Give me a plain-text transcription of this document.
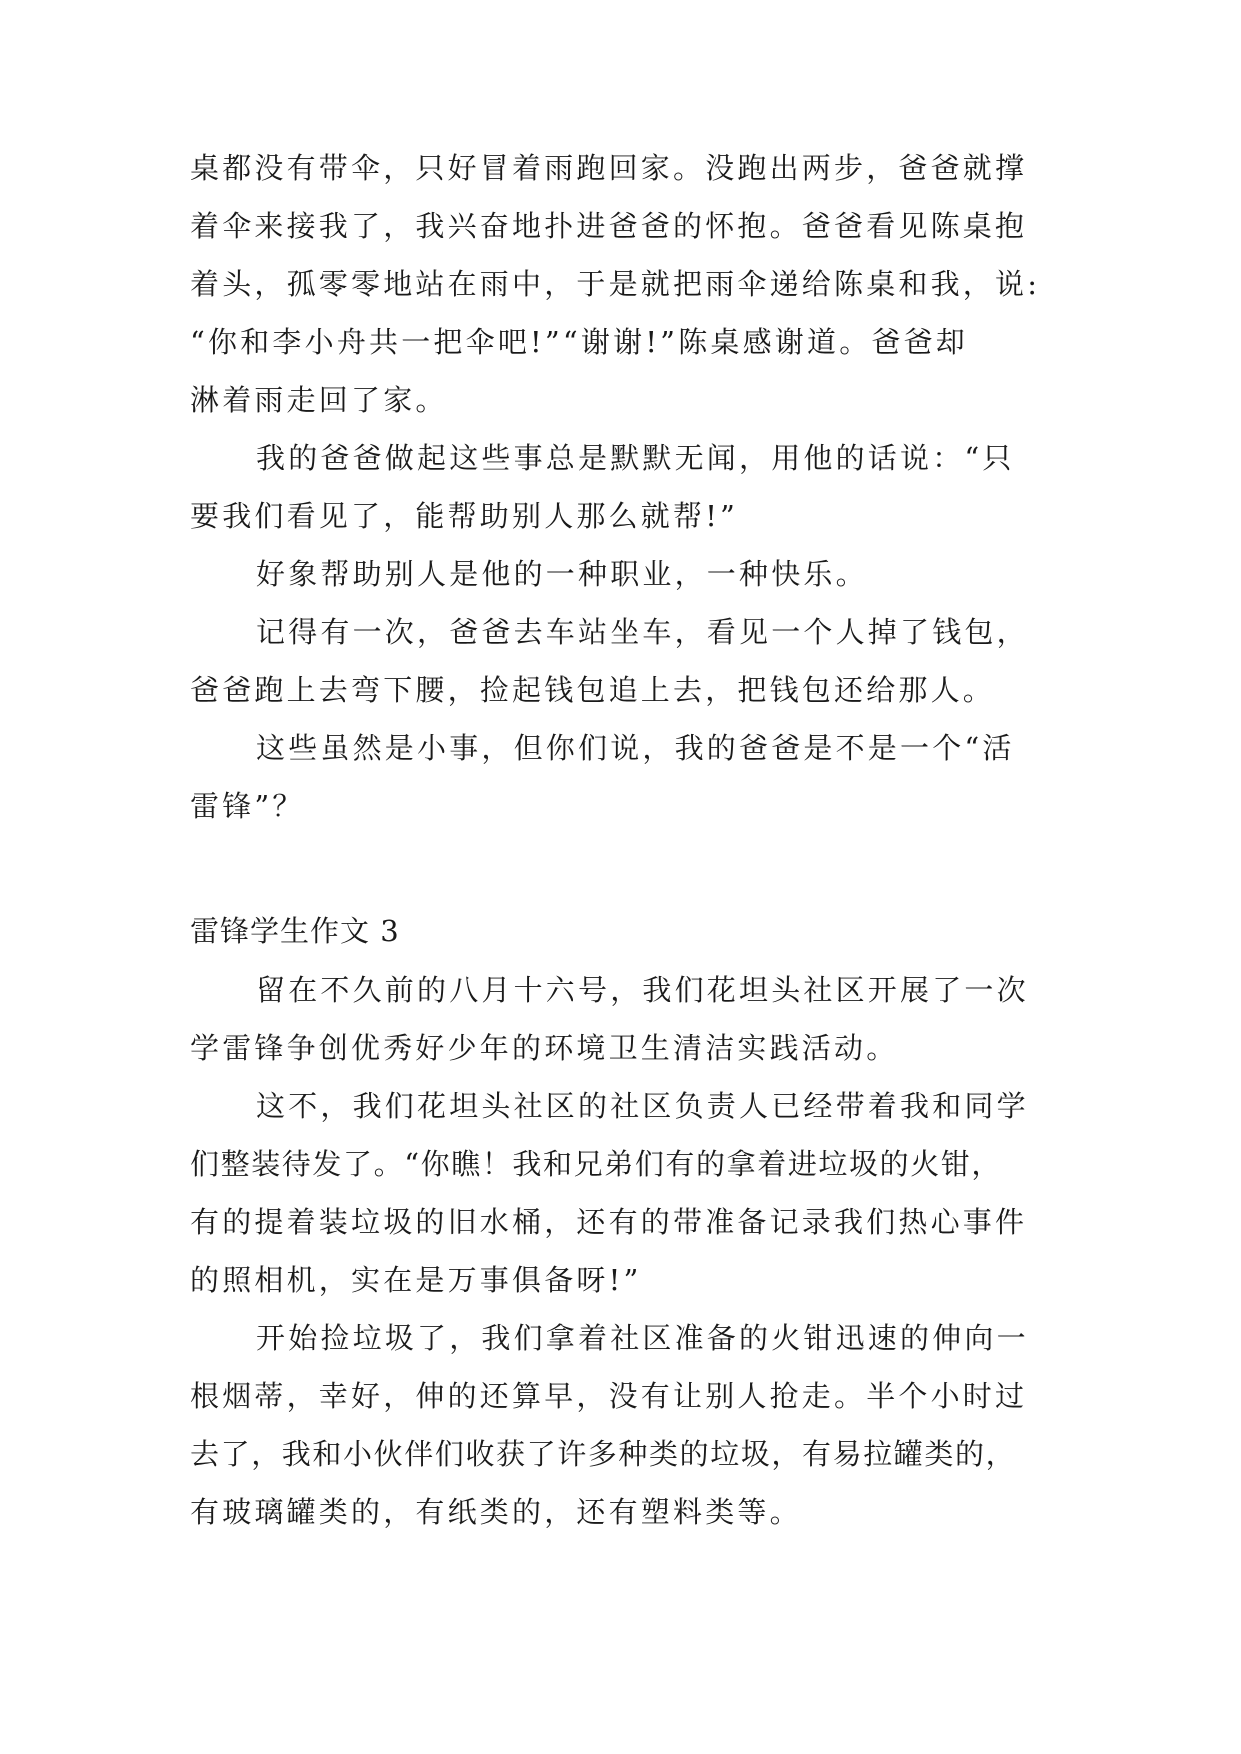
桌都没有带伞，只好冒着雨跑回家。没跑出两步，爸爸就撑
着伞来接我了，我兴奋地扑进爸爸的怀抱。爸爸看见陈桌抱
着头，孤零零地站在雨中，于是就把雨伞递给陈桌和我，说:
“你和李小舟共一把伞吧!”“谢谢!”陈桌感谢道。爸爸却
淋着雨走回了家。
我的爸爸做起这些事总是默默无闻，用他的话说：“只
要我们看见了，能帮助别人那么就帮!”
好象帮助别人是他的一种职业，一种快乐。
记得有一次，爸爸去车站坐车，看见一个人掉了钱包，
爸爸跑上去弯下腰，捡起钱包追上去，把钱包还给那人。
这些虽然是小事，但你们说，我的爸爸是不是一个“活
雷锋”？
雷锋学生作文 3
留在不久前的八月十六号，我们花坦头社区开展了一次
学雷锋争创优秀好少年的环境卫生清洁实践活动。
这不，我们花坦头社区的社区负责人已经带着我和同学
们整装待发了。“你瞧！我和兄弟们有的拿着进垃圾的火钳，
有的提着装垃圾的旧水桶，还有的带准备记录我们热心事件
的照相机，实在是万事俱备呀!”
开始捡垃圾了，我们拿着社区准备的火钳迅速的伸向一
根烟蒂，幸好，伸的还算早，没有让别人抢走。半个小时过
去了，我和小伙伴们收获了许多种类的垃圾，有易拉罐类的，
有玻璃罐类的，有纸类的，还有塑料类等。
